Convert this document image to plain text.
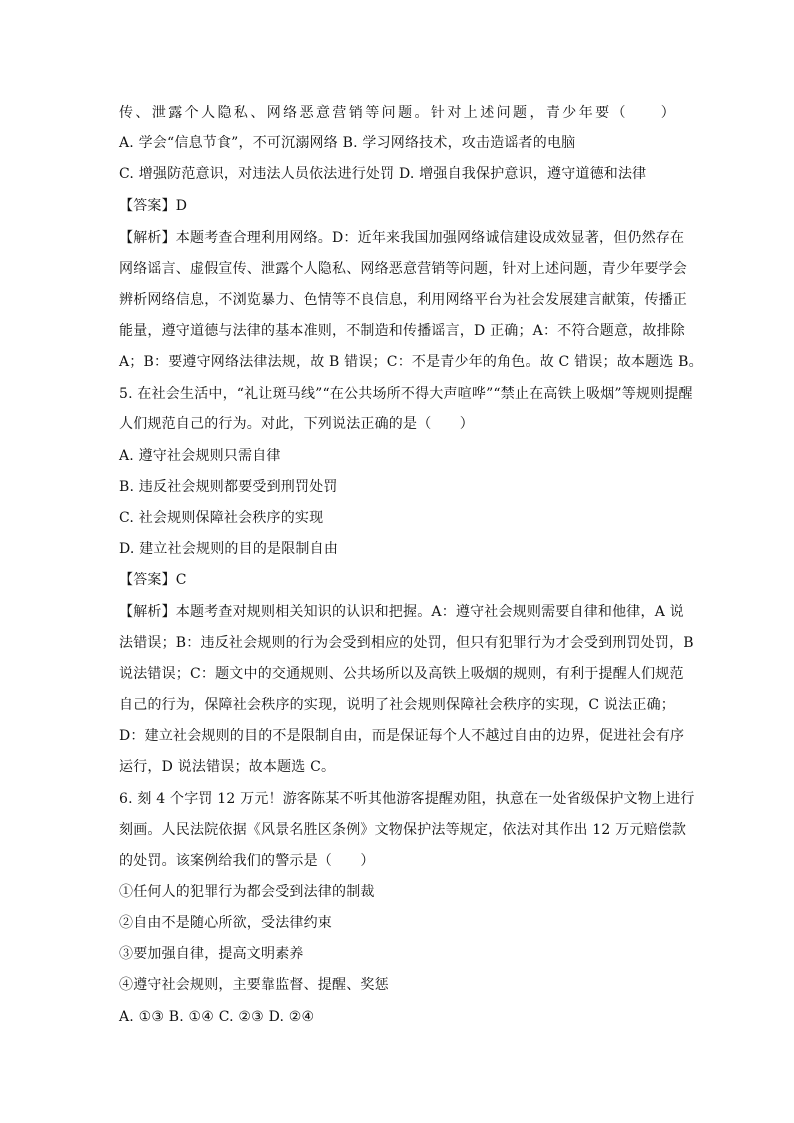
传、泄露个人隐私、网络恶意营销等问题。针对上述问题，青少年要（　　）
A. 学会“信息节食”，不可沉溺网络 B. 学习网络技术，攻击造谣者的电脑
C. 增强防范意识，对违法人员依法进行处罚 D. 增强自我保护意识，遵守道德和法律
【答案】D
【解析】本题考查合理利用网络。D：近年来我国加强网络诚信建设成效显著，但仍然存在
网络谣言、虚假宣传、泄露个人隐私、网络恶意营销等问题，针对上述问题，青少年要学会
辨析网络信息，不浏览暴力、色情等不良信息，利用网络平台为社会发展建言献策，传播正
能量，遵守道德与法律的基本准则，不制造和传播谣言，D 正确；A：不符合题意，故排除
A；B：要遵守网络法律法规，故 B 错误；C：不是青少年的角色。故 C 错误；故本题选 B。
5. 在社会生活中，“礼让斑马线”“在公共场所不得大声喧哗”“禁止在高铁上吸烟”等规则提醒
人们规范自己的行为。对此，下列说法正确的是（　　）
A. 遵守社会规则只需自律
B. 违反社会规则都要受到刑罚处罚
C. 社会规则保障社会秩序的实现
D. 建立社会规则的目的是限制自由
【答案】C
【解析】本题考查对规则相关知识的认识和把握。A：遵守社会规则需要自律和他律，A 说
法错误；B：违反社会规则的行为会受到相应的处罚，但只有犯罪行为才会受到刑罚处罚，B
说法错误；C：题文中的交通规则、公共场所以及高铁上吸烟的规则，有利于提醒人们规范
自己的行为，保障社会秩序的实现，说明了社会规则保障社会秩序的实现，C 说法正确；
D：建立社会规则的目的不是限制自由，而是保证每个人不越过自由的边界，促进社会有序
运行，D 说法错误；故本题选 C。
6. 刻 4 个字罚 12 万元！游客陈某不听其他游客提醒劝阻，执意在一处省级保护文物上进行
刻画。人民法院依据《风景名胜区条例》文物保护法等规定，依法对其作出 12 万元赔偿款
的处罚。该案例给我们的警示是（　　）
①任何人的犯罪行为都会受到法律的制裁
②自由不是随心所欲，受法律约束
③要加强自律，提高文明素养
④遵守社会规则，主要靠监督、提醒、奖惩
A. ①③ B. ①④ C. ②③ D. ②④
